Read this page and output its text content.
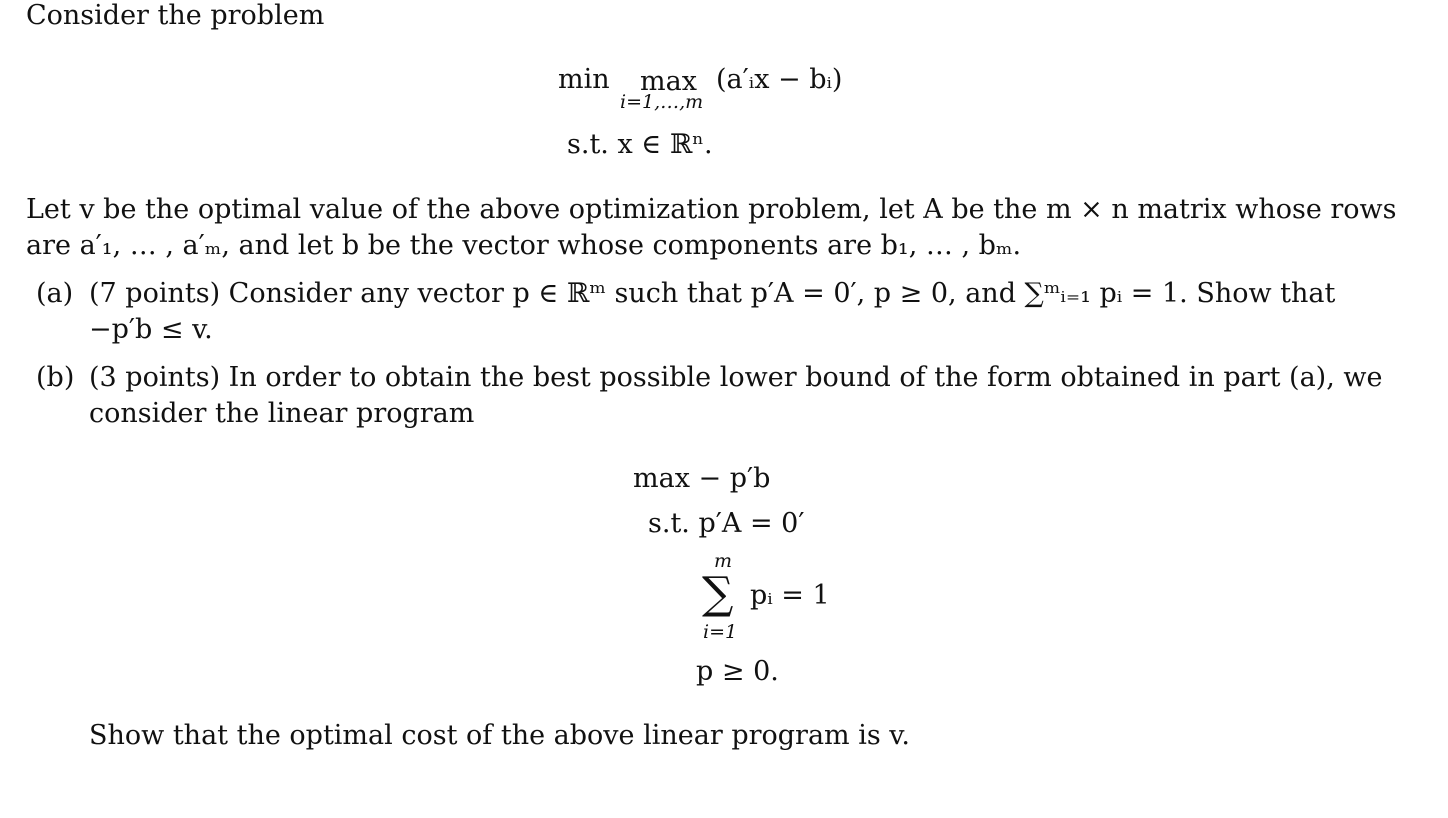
Consider the problem
min max
i=1,…,m
(a′ᵢx − bᵢ)
s.t. x ∈ ℝⁿ.
Let v be the optimal value of the above optimization problem, let A be the m × n matrix whose rows
are a′₁, … , a′ₘ, and let b be the vector whose components are b₁, … , bₘ.
(a) (7 points) Consider any vector p ∈ ℝᵐ such that p′A = 0′, p ≥ 0, and ∑ᵐᵢ₌₁ pᵢ = 1. Show that
−p′b ≤ v.
(b) (3 points) In order to obtain the best possible lower bound of the form obtained in part (a), we
consider the linear program
max − p′b
s.t. p′A = 0′
m
∑ pᵢ = 1
i=1
p ≥ 0.
Show that the optimal cost of the above linear program is v.
